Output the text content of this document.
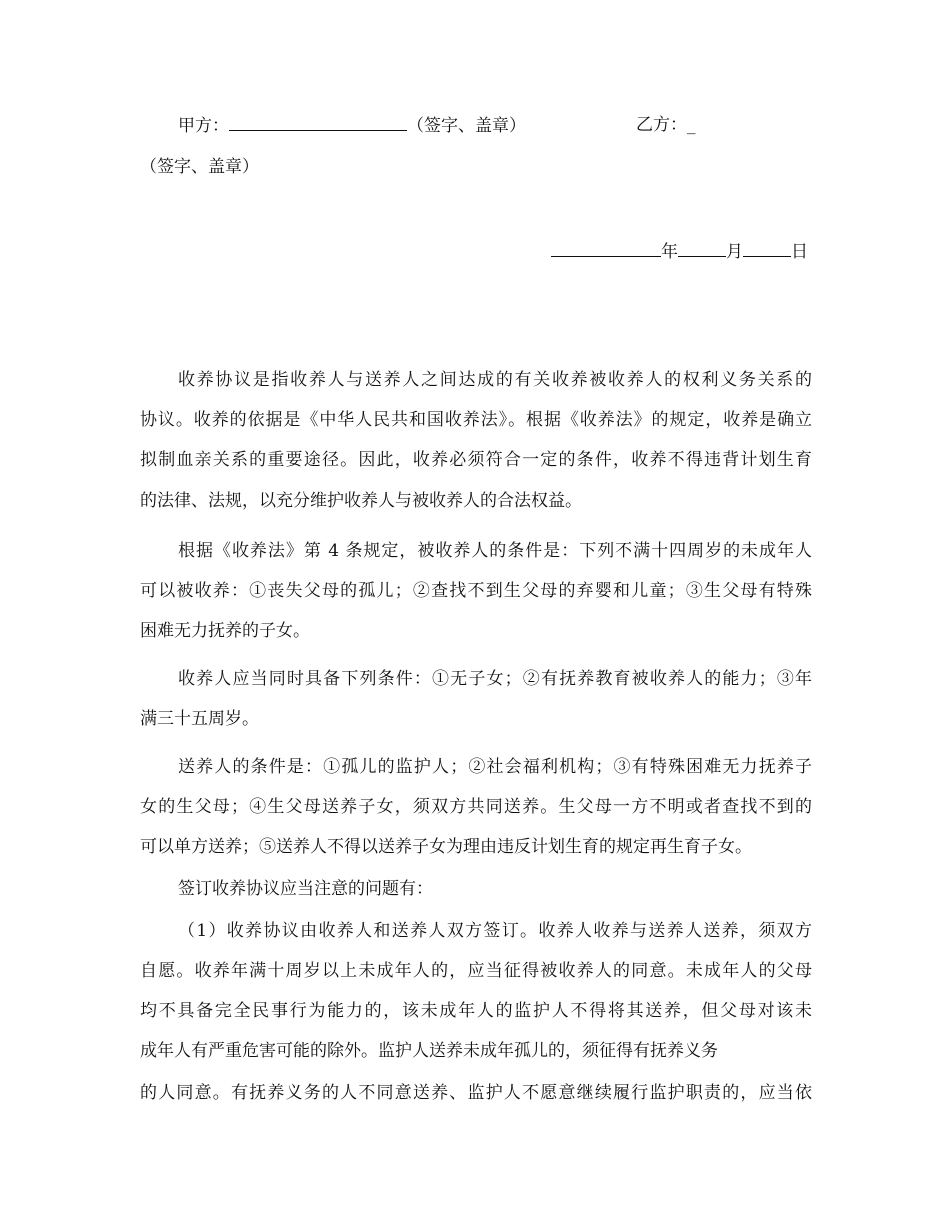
甲方：	（签字、盖章）	乙方：_
（签字、盖章）
年	月	日
收养协议是指收养人与送养人之间达成的有关收养被收养人的权利义务关系的
协议。收养的依据是《中华人民共和国收养法》。根据《收养法》的规定，收养是确立
拟制血亲关系的重要途径。因此，收养必须符合一定的条件，收养不得违背计划生育
的法律、法规，以充分维护收养人与被收养人的合法权益。
根据《收养法》第 4 条规定，被收养人的条件是：下列不满十四周岁的未成年人
可以被收养：①丧失父母的孤儿；②查找不到生父母的弃婴和儿童；③生父母有特殊
困难无力抚养的子女。
收养人应当同时具备下列条件：①无子女；②有抚养教育被收养人的能力；③年
满三十五周岁。
送养人的条件是：①孤儿的监护人；②社会福利机构；③有特殊困难无力抚养子
女的生父母；④生父母送养子女，须双方共同送养。生父母一方不明或者查找不到的
可以单方送养；⑤送养人不得以送养子女为理由违反计划生育的规定再生育子女。
签订收养协议应当注意的问题有：
（1）收养协议由收养人和送养人双方签订。收养人收养与送养人送养，须双方
自愿。收养年满十周岁以上未成年人的，应当征得被收养人的同意。未成年人的父母
均不具备完全民事行为能力的，该未成年人的监护人不得将其送养，但父母对该未
成年人有严重危害可能的除外。监护人送养未成年孤儿的，须征得有抚养义务
的人同意。有抚养义务的人不同意送养、监护人不愿意继续履行监护职责的，应当依
